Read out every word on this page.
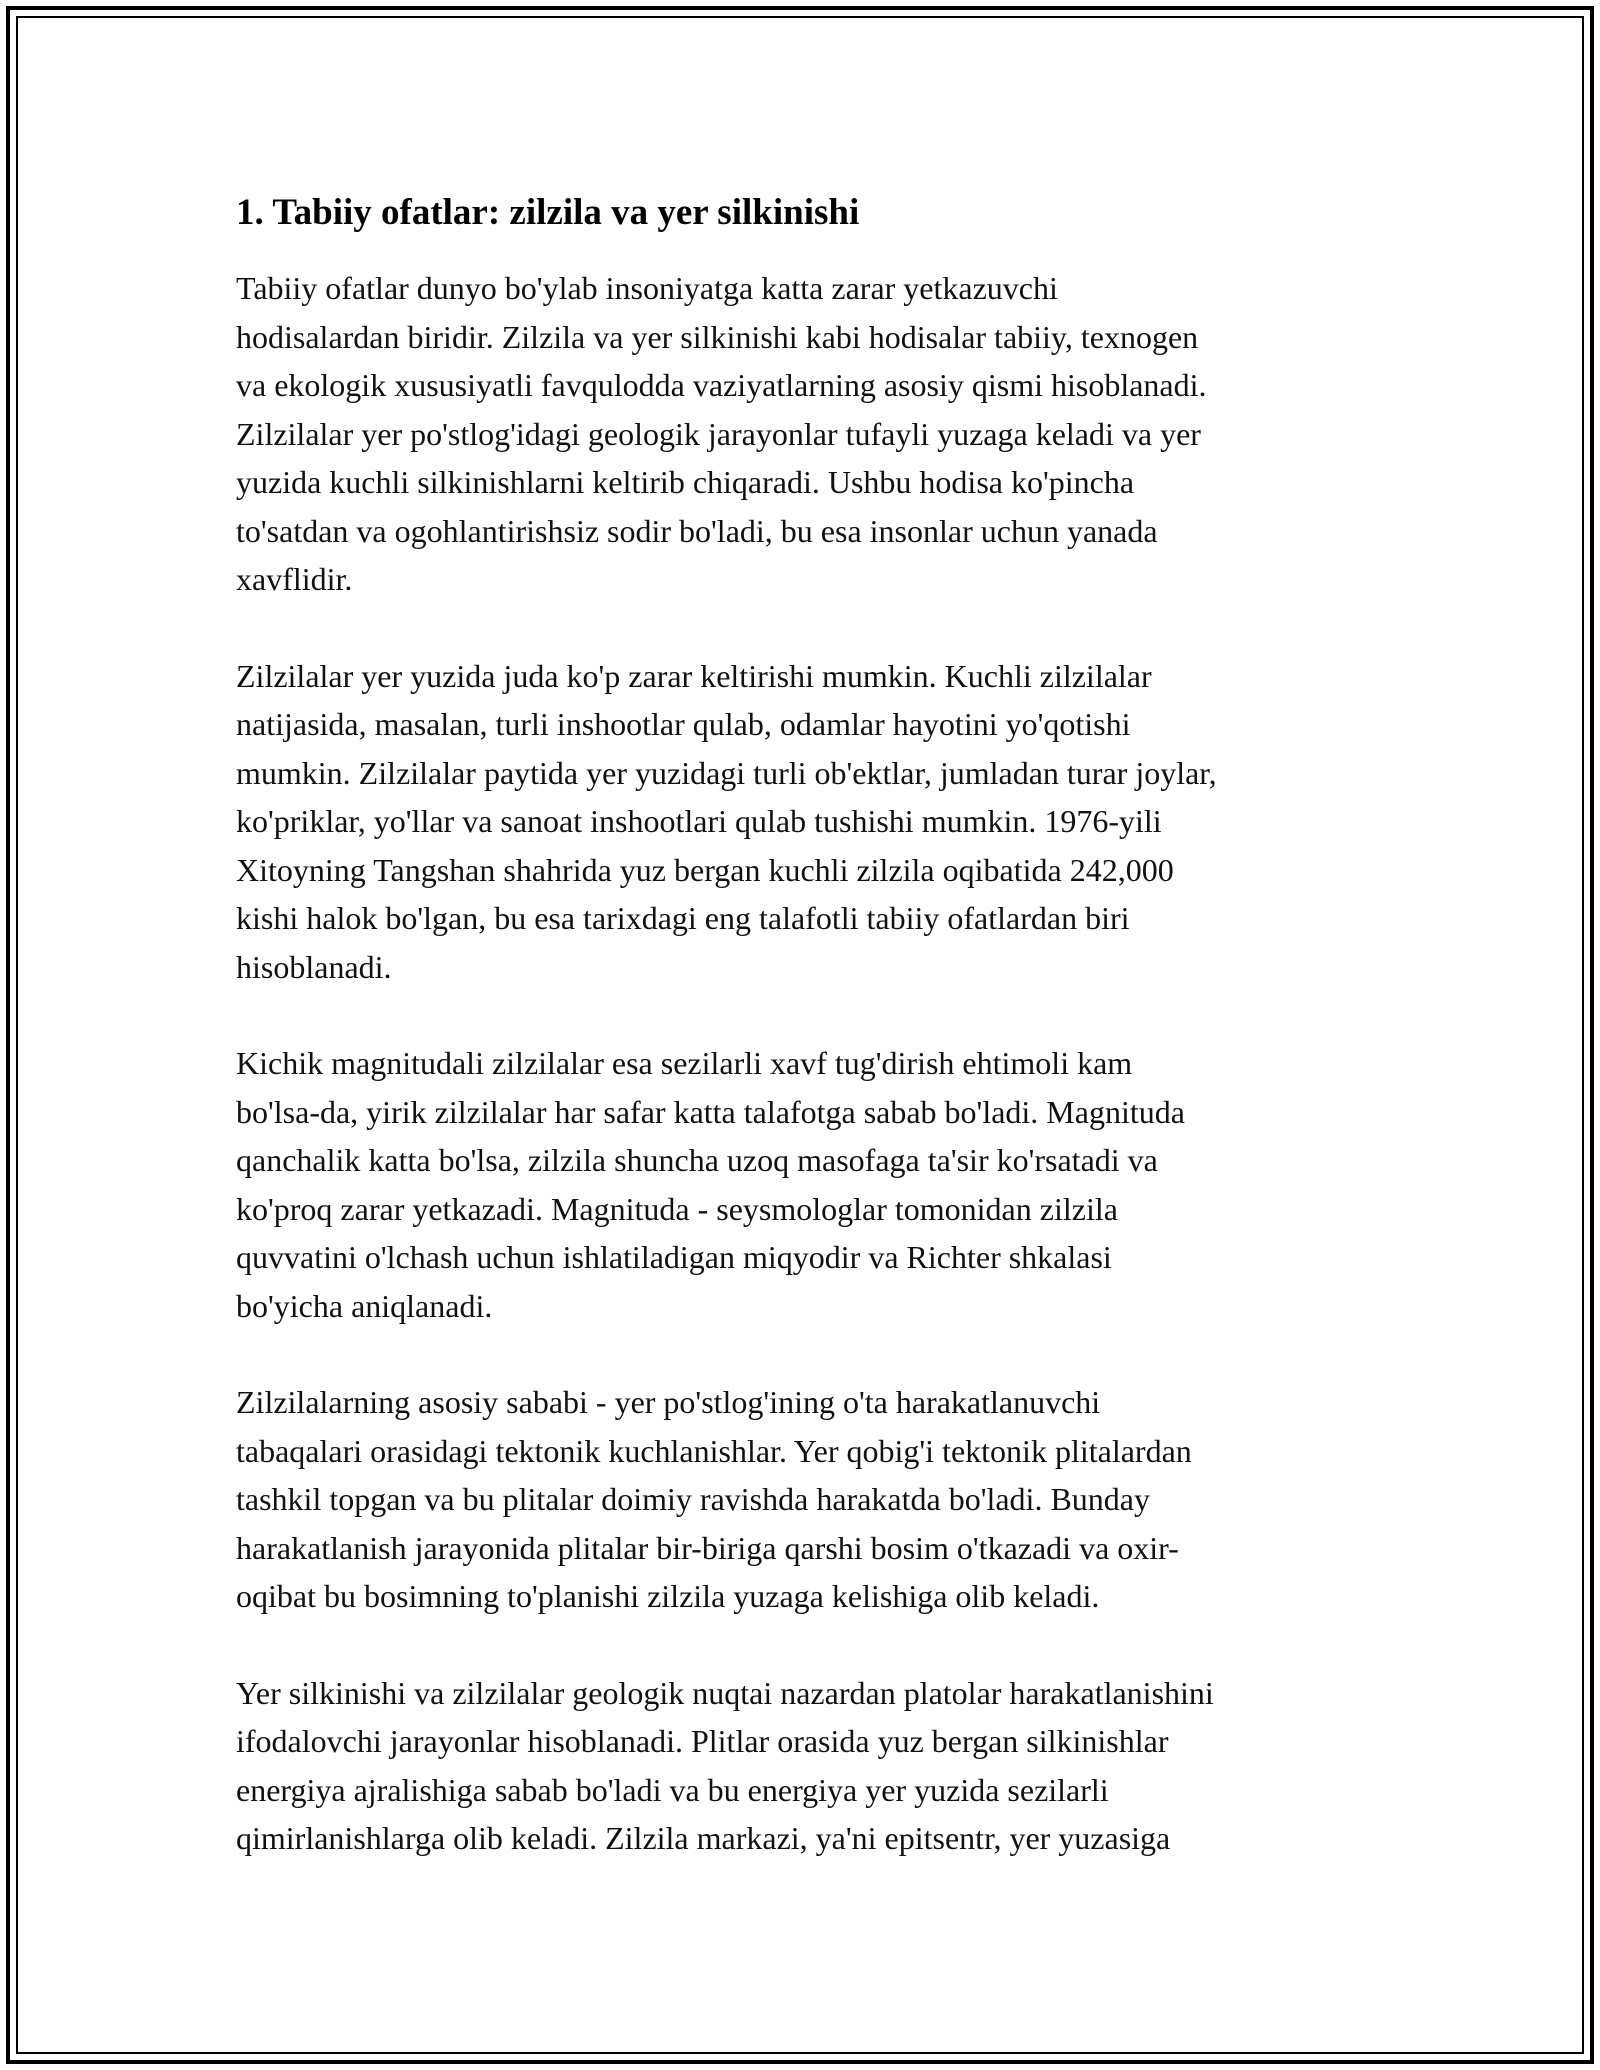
1. Tabiiy ofatlar: zilzila va yer silkinishi

Tabiiy ofatlar dunyo bo'ylab insoniyatga katta zarar yetkazuvchi
hodisalardan biridir. Zilzila va yer silkinishi kabi hodisalar tabiiy, texnogen
va ekologik xususiyatli favqulodda vaziyatlarning asosiy qismi hisoblanadi.
Zilzilalar yer po'stlog'idagi geologik jarayonlar tufayli yuzaga keladi va yer
yuzida kuchli silkinishlarni keltirib chiqaradi. Ushbu hodisa ko'pincha
to'satdan va ogohlantirishsiz sodir bo'ladi, bu esa insonlar uchun yanada
xavflidir.

Zilzilalar yer yuzida juda ko'p zarar keltirishi mumkin. Kuchli zilzilalar
natijasida, masalan, turli inshootlar qulab, odamlar hayotini yo'qotishi
mumkin. Zilzilalar paytida yer yuzidagi turli ob'ektlar, jumladan turar joylar,
ko'priklar, yo'llar va sanoat inshootlari qulab tushishi mumkin. 1976-yili
Xitoyning Tangshan shahrida yuz bergan kuchli zilzila oqibatida 242,000
kishi halok bo'lgan, bu esa tarixdagi eng talafotli tabiiy ofatlardan biri
hisoblanadi.

Kichik magnitudali zilzilalar esa sezilarli xavf tug'dirish ehtimoli kam
bo'lsa-da, yirik zilzilalar har safar katta talafotga sabab bo'ladi. Magnituda
qanchalik katta bo'lsa, zilzila shuncha uzoq masofaga ta'sir ko'rsatadi va
ko'proq zarar yetkazadi. Magnituda - seysmologlar tomonidan zilzila
quvvatini o'lchash uchun ishlatiladigan miqyodir va Richter shkalasi
bo'yicha aniqlanadi.

Zilzilalarning asosiy sababi - yer po'stlog'ining o'ta harakatlanuvchi
tabaqalari orasidagi tektonik kuchlanishlar. Yer qobig'i tektonik plitalardan
tashkil topgan va bu plitalar doimiy ravishda harakatda bo'ladi. Bunday
harakatlanish jarayonida plitalar bir-biriga qarshi bosim o'tkazadi va oxir-
oqibat bu bosimning to'planishi zilzila yuzaga kelishiga olib keladi.

Yer silkinishi va zilzilalar geologik nuqtai nazardan platolar harakatlanishini
ifodalovchi jarayonlar hisoblanadi. Plitlar orasida yuz bergan silkinishlar
energiya ajralishiga sabab bo'ladi va bu energiya yer yuzida sezilarli
qimirlanishlarga olib keladi. Zilzila markazi, ya'ni epitsentr, yer yuzasiga
